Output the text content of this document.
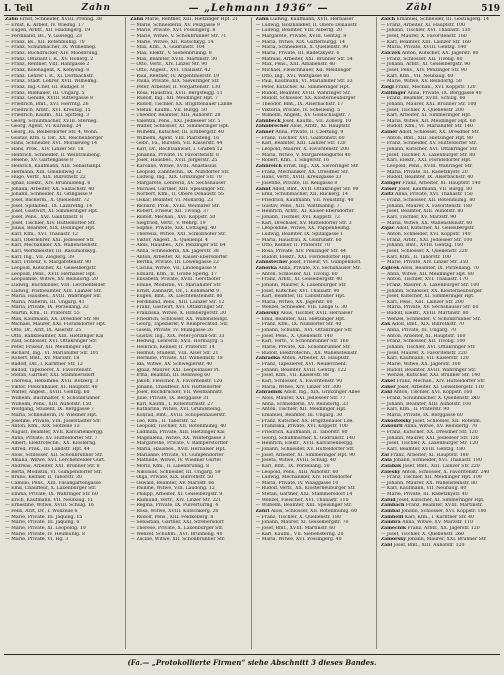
I. Teil	Zahn	— „Lehmann 1936“ —	Zäbl	519
Zahn Ernst, Schneider, XVIII. Prenng. 38
— Ernst, K. Arbeit, IV. Wiedng. 17
— Eugen, Arbtr., XII. Haidingerg. 19
— Ferdinand, Bs., V. Gassegg. 23
— Franz, Bs., XII. Rotenmühlg. 70
— Franz, Schuhmacher, IX. Wilhelmeg.
— Franz, Buchdrucker, XIV. Moosbrung.
— Franz, Offiziant i. R., XV. Hollerg. 2
— Franz, Rentner, VIII. Hanfgasse 2
— Franz, Kolonagent, X. Kenyong. 8
— Franz, Lehrer i. R., XI. Dorfbachstr.
— Franz, Stadt. Lehrer, XVII. Wilhelmg.
— Franz, Ing.-Chef, III. Rüdiger. 8
— Franz, Bildhauer, III. Ungarg. 5
— Franz, Gehilfe, XVIII. Rittergasse 8
— Friedrich, Bmt., XVI. Herrntg. 26
— Friedrich, Arbtr., XVI. Kreutzg. 15
— Friedrich, Kaufm., XII. Spittelg. 3
— Georg, Schuhmacher, XVIII. Sterneg.
— Georg, Agent, VI. Kurzeng. 24
— Georg, Fa. Reiberdorfer Str. 4, Wohn.
— Gustav, Kfm. u. Dir., XX. Reichenberger
— Hans, Schneider, XVI. Mörikeweg 14
— Hans, Prok., XIV. Linzer Str. 18
— Heinrich, Schneider, II. Weintraubeng.
— Helene, XV. Gartengasse 8
— Heinrich, Kaufmann, XIII. Sebastianpl.
— Hermann, XIII. Gmündweg 12
— Hugo, Vertr., XIX. Billrothstr. 22
— Ignaz, Elektr., XIV. Brunhildeng. 6
— Johann, Arbeiter, XX. Salzachstr. 40
— Johann, Schneider, XI. Grillgasse 9
— Josef, Bäckerm., X. Quellenstr. 72
— Josef, Spitalbed., IX. Lazarethg. 14
— Josef, Gastwirt, XI. Simmeringer Hpt.
— Josef, Pens., XVI. Gallitzinstr. 8
— Josef, Tischler, XIV. Hütteldorfer Str.
— Julius, Beamter, XIX. Döblinger Hpt.
— Karl, Kfm., XVI. Thaliastr. 12
— Karl, Oberlehrer, XXI. Jedleseer Str.
— Karl, Mechaniker, XX. Wallensteinstr.
— Karl, Werkmeister, III. Rasumofskyg.
— Karl, Ing., VII. Zieglerg. 39
— Karl, Friseur, V. Margaretenstr. 90
— Leopold, Kutscher, XI. Geiselbergstr.
— Leopold, Pens., XVII. Hernalser Hpt.
— Leopoldine, Witwe, XV. Reindorfg. 20
— Ludwig, Buchbinder, VIII. Lerchenfelder
— Ludwig, Postbeamter, XIII. Lainzer Str.
— Maria, Hausbes., XVIII. Währinger Str.
— Maria, Näherin, III. Ungarg. 41
— Maria, Private, IX. Porzellang. 32
— Martin, Kfm., II. Praterstr. 55
— Max, Kaufmann, XX. Dresdner Str. 88
— Michael, Maurer, XXI. Floridsdorfer Hpt.
— Otto, Dr., Arzt, IX. Alserstr. 25
— Otto, Bankbeamter, XIII. Hietzinger Kai
— Paul, Schlosser, XVI. Ottakringer Str.
— Peter, Friseur, XII. Meidlinger Hpt.
— Richard, Ing., VI. Mariahilfer Str. 101
— Robert, Bmt., XV. Märzstr. 18
— Rudolf, Dir., I. Kärntner Str. 12
— Rudolf, Tapezierer, X. Favoritenstr.
— Stefan, Gärtner, XXI. Stammersdorf
— Theresia, Hebamme, XVII. Rötzerg. 3
— Viktor, Fleischhauer, XI. Hauptstr. 40
— Walter, Angest., XVIII. Gentzg. 60
— Wilhelm, Buchhalter, V. Schönbrunner
— Wilhelm, Pens., XIII. Auhofstr. 150
— Wolfgang, Student, IX. Berggasse 7
— Maria, Schneiderin, IV. Wiedner Hpt.
— Josefine, Private, VIII. Josefstädter Str.
— Anton, Kfm., XIX. Hofzeile 13
— August, Beamter, XVII. Kalvarienbergg.
— Anna, Private, XV. Hütteldorfer Str. 7
— Albert, Elektrotechn., XX. Klosterng.
— Alfred, Prok., III. Landstr. Hpt. 44
— Alois, Schlosser, XII. Schönbrunner Str.
— Amalia, Witwe, XVI. Lerchenfelder Gürt.
— Andreas, Arbeiter, XXI. Brünner Str. 8
— Berta, Modistin, VI. Gumpendorfer Str.
— Bruno, Kellner, II. Taborstr. 30
— Camillo, Pens., XIII. Fasangartengasse
— Emil, Chauffeur, X. Laxenburger Str.
— Emma, Private, IX. Währinger Str. 60
— Erich, Kaufmann, VII. Neubaug. 11
— Ernestine, Witwe, XVIII. Schulg. 16
— Felix, Arzt, Dr., I. Wollzeile 6
— Marie, Private, III. Jaquing. 15
— Marie, Private, III. Jaquing. 6
— Marie, Private, XI. Leopoldg. 10
— Marie, Private, IV. Heumühlg. 8
— Marie, Private, VI. Hg. 3
Zahn Marie, Rentner, XIII. Hietzinger Hpt. 21
— Marie, Schneiderin, XV. Pelzgasse 9
— Marie, Private, XVI. Possingerg. 8
— Marie, Witwe, V. Schönbrunner Str. 71
— Marie, Witwe, XII. Ratschkyg. 14
— Max, Kfm., X. Gudrunstr. 104
— Max, Elektr., V. Siebenbrunng. 8
— Max, Beamter, XVIII. Martinstr. 30
— Otto, Vertr., XIV. Linzer Str. 90
— Otto, Angest., XVI. Thaliastr. 42
— Paul, Rentner, IV. Argentinierstr. 19
— Paula, Private, XIX. Sieveringer Str.
— Peter, Arbeiter, II. Vorgartenstr. 130
— Rosa, Hausfrau, XVII. Bergsteigg. 11
— Rudolf, Ing., XII. Meidlinger Hpt. 7
— Rudolf, Tischler, XX. Brigittenauer Lände
— Stefan, Kaufm., VII. Burgg. 50
— Theodor, Beamter, XIII. Auhofstr. 28
— Valentin, Pens., XXI. Jedleseer Str. 5
— Walter, Schlosser, XI. Simmeringer Hpt.
— Wilhelm, Kutscher, III. Erdbergstr. 40
— Wilhelm, Agent, VIII. Piaristeng. 16
— Gebr., Fa., Bürsten, VII. Kaiserstr. 44
— Karl, Dr., Rechtsanwalt, I. Graben 12
— Johanna, Private, IV. Favoritenstr. 8
— Josef, Hausbes., XVII. Jörgerstr. 25
— Karoline, Witwe, XVIII. Anastasius
— Leopold, Zahntechn., IX. Nußdorfer Str.
— Ludwig, Ing., XIX. Grinzinger Str. 70
— Margarete, Lehrerin, XV. Sechshauser
— Michael, Gärtner, XIII. Speisinger Str.
— Norbert, Kfm., II. Obere Donaustr. 55
— Oskar, Beamter, VI. Mollardg. 23
— Richard, Prok., XVIII. Weimarer Str.
— Robert, Friseur, XII. Tivolig. 37
— Rudolf, Mechan., XVI. Koppstr. 50
— Siegfried, Vertr., V. Wehrg. 19
— Sophie, Private, XIX. Cottageg. 40
— Theresia, Witwe, XXI. Schloßhofer Str.
— Viktor, Angest., X. Quellenpl. 4
— Alois, Hausbes., XIV. Penzinger Str. 64
— Anna, Schneiderin, XX. Jägerstr. 38
— Anton, Arbeiter, XI. Kaiser-Ebersdorfer
— Bertha, Private, III. Löwengasse 22
— Cäcilia, Witwe, VII. Lindengasse 9
— Eduard, Kfm., II. Große Sperlg. 17
— Elisabeth, Private, XVIII. Gersthofer
— Emilie, Modistin, VI. Mariahilfer Str.
— Ernst, Zahnarzt, Dr., I. Kohlmarkt 9
— Eugen, Bmt., IX. Liechtensteinstr. 80
— Ferdinand, Pens., XIII. Lainzer Str. 12
— Franz, Gastwirt, XVI. Ottakringer Str.
— Franziska, Witwe, X. Himbergerstr. 30
— Friedrich, Schlosser, XX. Wallensteinpl.
— Georg, Tapezierer, V. Reinprechtsd. Str.
— Gisela, Private, IV. Mühlgasse 26
— Gustav, Ing., XIX. Peter-Jordan-Str. 33
— Hedwig, Lehrerin, XVII. Hormayrg. 5
— Heinrich, Kellner, II. Praterstr. 14
— Helmut, Student, VIII. Alser Str. 21
— Hermine, Private, XII. Wilhelmstr. 18
— Ida, Witwe, XV. Schweglerstr. 40
— Ignaz, Maurer, XXI. Leopoldauer Pl.
— Irma, Beamtin, III. Rennweg 60
— Jakob, Fleischer, X. Favoritenstr. 120
— Johann, Chauffeur, XIV. Hütteldorfer
— Josef, Buchdrucker, VII. Westbahnstr.
— Julie, Private, IX. Berggasse 31
— Karl, Kaufm., I. Rotenturmstr. 27
— Katharina, Witwe, XVI. Grundsteing.
— Konrad, Bmt., XVIII. Schopenhauerstr.
— Leo, Kfm., II. Taborstr. 52
— Leopold, Tischler, XII. Rotenmühlg. 40
— Ludmilla, Private, XIII. Hietzinger Kai
— Magdalena, Witwe, XX. Wintergasse 3
— Margarethe, Private, V. Ramperstorffer
— Maria, Hausbes., XVII. Hernalser Hpt.
— Marianne, Private, VI. Gumpendorfer
— Mathilde, Witwe, IV. Wiedner Gürtel
— Moriz, Kfm., II. Lilienbrunng. 8
— Nikolaus, Schneider, III. Ungarg. 59
— Olga, Private, XIX. Billrothstr. 50
— Oswald, Beamter, XV. Märzstr. 66
— Pauline, Witwe, VIII. Laudong. 12
— Philipp, Arbeiter, XI. Geiselbergstr. 9
— Raimund, Vertr., XIV. Linzer Str. 221
— Regina, Private, IX. Pulverturmg. 4
— Rosa, Witwe, XVIII. Kutschkerg. 20
— Rudolf, Pens., XIII. Feldkellerg. 8
— Sebastian, Gärtner, XXI. Strebersdorf
— Therese, Private, X. Laxenburger Str.
— Wenzel, Schuhm., XVI. Brunneng. 40
— Zäcilie, Witwe, XII. Schönbrunner Str.
Zahn Ludwig, Kaufmann, XVII. Hernalser
— Ludwig, Holzhändler, II. Obere Donaustr.
— Ludwig, Beamter, VIII. Albertg. 20
— Margarete, Private, XVIII. Gentzg. 8
— Maria, Witwe, XIX. Gatterburgg. 14
— Maria, Schneiderin, X. Quellenstr. 90
— Maria, Private, III. Radetzkystr. 6
— Mathias, Arbeiter, XXI. Brünner Str. 54
— Max, Pens., XIII. Amalienstr. 40
— Michael, Fleischhauer, XII. Meidlinger
— Otto, Ing., XVI. Wattgasse 60
— Paul, Kaufmann, VI. Mariahilfer Str. 33
— Peter, Kutscher, XI. Simmeringer Hpt.
— Rudolf, Beamter, XVIII. Währinger Str.
— Rudolf, Schlosser, XX. Klosterneuburger
— Theodor, Bmt., IX. Alserbachstr. 17
— Viktoria, Private, IV. Schelleing. 5
— Wilhelm, Angest., XV. Goldschlagstr. 7
Zahnbeck Josef, Kaufm., VII. Zollerg. 10
Zahnbrecher Alois, Arbtr., XI. Hauptstr.
Zahner Anna, Private, II. Czerning. 9
— Franz, Tischler, XVI. Gallitzinstr. 60
— Karl, Beamter, XIII. Lainzer Str. 120
— Leopold, Maurer, X. Favoritenstr. 200
— Maria, Witwe, V. Margaretengürtel 40
— Robert, Kfm., I. Singerstr. 16
Zahnreich Ernst, Ing., XIX. Sieveringer Str.
— Franz, Mechaniker, XX. Dresdner Str.
— Hans, Vertr., XVIII. Kreuzgasse 33
— Josefine, Private, III. Keilgasse 8
Zahnt Adolf, Bmt., XVII. Ottakringer Str. 99
— Emil, Schuhmacher, XII. Ruckerg. 14
— Friedrich, Kaufmann, VII. Neustiftg. 40
— Gustav, Pens., XIII. Wattmanng. 7
— Heinrich, Arbtr., XI. Kaiser-Ebersdorfer
— Johann, Tischler, XVI. Koppstr. 72
— Karl, Drechsler, XV. Hütteldorfer Str. 3
— Leopoldine, Witwe, XX. Pappenheimg.
— Ludwig, Beamter, IX. Spitalgasse 1
— Maria, Hausfrau, X. Gudrunstr. 60
— Otto, Kellner, II. Praterstr. 70
— Rosa, Private, XIV. Penzinger Str. 44
— Rudolf, Elektr., XXI. Floridsdorfer Hpt.
Zahnstecher Josef, Friseur, VI. Gumpendorf.
Zahorka Anna, Private, XV. Sechshauser Str.
— Anton, Schlosser, XII. Tivolig. 60
— Franz, Arbtr., XI. Geiselbergstr. 40
— Johann, Maurer, X. Laxenburger Str.
— Josef, Kutscher, XVI. Thaliastr. 90
— Karl, Beamter, III. Landstraßer Hpt.
— Maria, Witwe, XX. Jägerstr. 60
— Wenzel, Schneider, VIII. Lange G. 30
Zahorsky Alois, Tischler, XVII. Hernalser
— Emil, Beamter, XIII. Hietzinger Hpt.
— Franz, Kfm., IX. Nußdorfer Str. 40
— Johann, Schuhm., XVI. Ottakringer Str.
— Josef, Pens., X. Quellenstr. 140
— Karl, Vertr., V. Schönbrunner Str. 160
— Marie, Private, XII. Schönbrunner Str.
— Rudolf, Elektrotechn., XX. Wallensteinstr.
Zahradka Anton, Arbeiter, XI. Hauptstr.
— Franz, Tapezierer, XVI. Neulerchenf.
— Johann, Beamter, XVIII. Gentzg. 122
— Josef, Kfm., VII. Kaiserstr. 88
— Karl, Schlosser, X. Favoritenstr. 90
— Maria, Witwe, XIV. Linzer Str. 300
Zahradnik Adolf, Ing., XIX. Grinzinger Allee
— Alois, Maurer, XXI. Jedleseer Str. 77
— Anna, Schneiderin, XV. Reindorfg. 33
— Anton, Tischler, XII. Meidlinger Hpt.
— Emanuel, Beamter, III. Ungarg. 30
— Franz, Kutscher, XX. Brigittenauer Lde.
— Franziska, Private, XVI. Koppstr. 100
— Friedrich, Kaufmann, II. Taborstr. 80
— Georg, Schuhmacher, X. Gudrunstr. 140
— Heinrich, Elektr., XVII. Kalvarienbergg.
— Johann, Schneider, XV. Hütteldorfer Str.
— Josef, Arbeiter, XI. Simmeringer Hpt. 90
— Josefa, Witwe, XVIII. Schulg. 40
— Karl, Bmt., IX. Porzellang. 50
— Leopold, Pens., XIII. Auhofstr. 60
— Ludwig, Mechaniker, XIV. Hütteldorfer
— Maria, Private, IV. Waaggasse 10
— Rudolf, Vertr., XX. Klosterneuburger Str.
— Stefan, Gärtner, XXI. Stammersdorf 14
— Wenzel, Fleischer, XVI. Thaliastr. 110
— Wilhelm, Beamter, XIII. Speisinger Str.
Zahrl Alois, Schlosser, XII. Rotenmühlg. 60
— Franz, Tischler, X. Quellenstr. 180
— Johann, Maurer, XI. Geiselbergstr. 70
— Josef, Bmt., XVIII. Martinstr. 60
— Karl, Kaufm., VII. Siebensterng. 20
— Maria, Witwe, XVI. Possingerg. 40
Zaich Emanuel, Schneider, III. Göstingerg. 14
— Franz, Arbeiter, XI. Hauptstr. 100
— Johann, Tischler, XVI. Thaliastr. 130
— Josef, Maurer, X. Favoritenstr. 160
— Karl, Beamter, XIII. Lainzer Str. 160
— Maria, Private, XVIII. Gentzg. 140
Zaiczek Anton, Kutscher, XX. Jägerstr. 80
— Franz, Schlosser, XII. Tivolig. 80
— Johann, Arbtr., XI. Geiselbergstr. 90
— Josef, Pens., XIV. Penzinger Str. 90
— Karl, Kfm., VII. Neubaug. 60
— Marie, Witwe, XV. Reindorfg. 50
Zaigl Franz, Mechan., XVI. Koppstr. 120
Zaillinger Anna, Private, IX. Berggasse 40
— Franz, Beamter, XVIII. Schulg. 60
— Johann, Maurer, XXI. Brünner Str. 100
— Josef, Tischler, X. Quellenstr. 200
— Karl, Arbeiter, XI. Simmeringer Hpt.
— Maria, Witwe, XII. Meidlinger Hpt. 60
— Rudolf, Kfm., VI. Mariahilfer Str. 140
Zainer Adolf, Schlosser, XX. Dresdner Str.
— Anton, Bmt., XIII. Hietzinger Hpt. 80
— Franz, Schneider, XV. Hütteldorfer Str.
— Johann, Kutscher, XVI. Ottakringer Str.
— Josef, Tischler, X. Laxenburger Str. 80
— Karl, Elektr., XXI. Floridsdorfer Hpt.
— Leopold, Pens., XVIII. Währinger Str.
— Maria, Private, III. Radetzkystr. 20
— Rudolf, Beamter, IX. Alserbachstr. 40
Zainger Franz, Arbeiter, XI. Hauptstr. 140
Zaiser Josef, Kaufmann, VII. Burgg. 80
Zaitz Anna, Private, XVI. Thaliastr. 150
— Franz, Schlosser, XII. Rotenmühlg. 80
— Johann, Maurer, X. Favoritenstr. 180
— Josef, Beamter, XIII. Auhofstr. 80
— Karl, Tischler, XV. Märzstr. 90
— Maria, Witwe, XX. Wallensteinstr. 60
Zajac Adolf, Kutscher, XI. Geiselbergstr.
— Anton, Schneider, XVI. Koppstr. 140
— Franz, Arbtr., XXI. Jedleseer Str. 100
— Johann, Bmt., XVIII. Gentzg. 160
— Josef, Schlosser, X. Quellenstr. 220
— Karl, Kfm., II. Taborstr. 100
— Marie, Private, XIV. Linzer Str. 350
Zajicek Alois, Beamter, IX. Porzellang. 70
— Anna, Witwe, XII. Meidlinger Hpt. 80
— Anton, Tischler, XVI. Thaliastr. 170
— Franz, Maurer, X. Laxenburger Str. 100
— Johann, Schlosser, XX. Klosterneuburger
— Josef, Kutscher, XI. Simmeringer Hpt.
— Karl, Pens., XIII. Lainzer Str. 200
— Maria, Private, XV. Sechshauser Str. 60
— Rudolf, Elektr., XVIII. Martinstr. 80
— Wenzel, Schneider, V. Schönbrunner Str.
Zak Adolf, Bmt., XIX. Billrothstr. 70
— Anna, Private, III. Ungarg. 70
— Anton, Arbeiter, XI. Hauptstr. 160
— Franz, Schlosser, XII. Tivolig. 100
— Johann, Tischler, XVI. Ottakringer Str.
— Josef, Maurer, X. Favoritenstr. 220
— Karl, Kaufmann, VII. Kaiserstr. 120
— Marie, Witwe, XX. Jägerstr. 100
— Rudolf, Beamter, XVIII. Währinger Str.
— Wenzel, Kutscher, XXI. Brünner Str. 140
Zakel Franz, Mechan., XIV. Hütteldorfer Str.
Zaker Josef, Arbeiter, XI. Geiselbergstr. 110
Zakl Anton, Tischler, XVI. Koppstr. 160
— Franz, Schuhmacher, X. Quellenstr. 240
— Johann, Beamter, XIII. Auhofstr. 100
— Karl, Kfm., II. Praterstr. 90
— Maria, Private, IX. Berggasse 60
Zakostelsky Josef, Schlosser, XII. Rotenm.
Zakouril Anna, Witwe, XV. Reindorfg. 70
— Franz, Kutscher, XX. Dresdner Str. 120
— Johann, Maurer, XXI. Jedleseer Str. 120
— Josef, Tischler, X. Laxenburger Str. 120
— Karl, Beamter, XVIII. Gentzg. 180
Zal Franz, Arbeiter, XI. Hauptstr. 180
Zala Johann, Schneider, XVI. Thaliastr. 190
Zalabak Josef, Bmt., XIII. Lainzer Str. 220
Zalesky Anton, Schlosser, X. Favoritenstr. 240
— Franz, Tischler, XII. Meidlinger Hpt. 100
— Johann, Maurer, XX. Wallensteinstr. 80
— Karl, Kaufmann, VII. Neubaug. 80
— Marie, Private, III. Radetzkystr. 40
Zalud Josef, Kutscher, XI. Simmeringer Hpt.
Zambach Franz, Beamter, XVIII. Martinstr.
Zambal Johann, Schlosser, XVI. Koppstr. 180
Zambelli Karl, Kfm., I. Kärntner Str. 40
Zambra Anna, Witwe, XV. Märzstr. 110
Zamecnik Franz, Arbtr., XX. Jägerstr. 120
— Josef, Tischler, X. Quellenstr. 260
Zamorsky Johann, Maurer, XXI. Brünner Str.
Zäbl Josef, Bmt., XIII. Auhofstr. 120
(Fa.— „Protokollierte Firmen“ siehe Abschnitt 3 dieses Bandes.
